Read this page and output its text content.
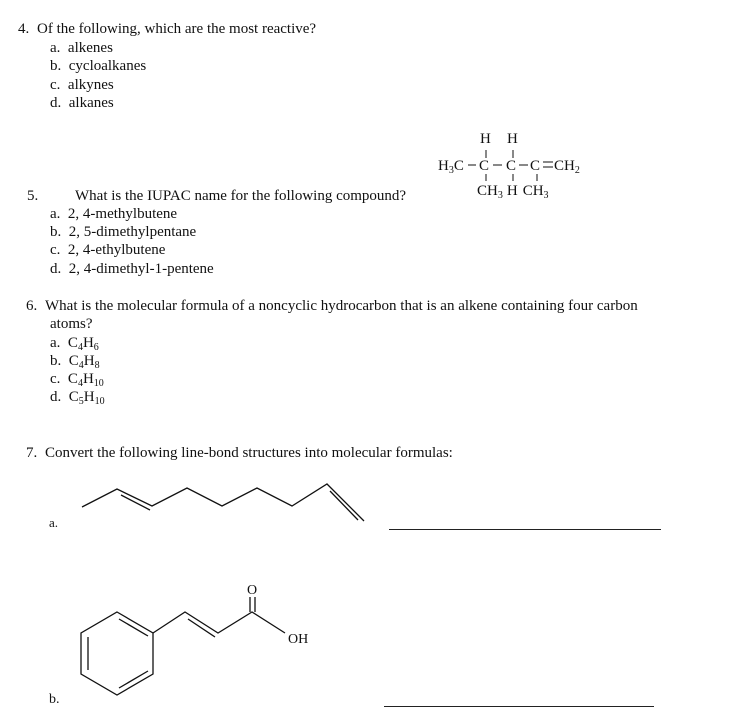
4. Of the following, which are the most reactive?
a. alkenes
b. cycloalkanes
c. alkynes
d. alkanes
H H
$H_3C$ C C C $CH_2$
$CH_3$ H $CH_3$
5. What is the IUPAC name for the following compound?
a. 2, 4-methylbutene
b. 2, 5-dimethylpentane
c. 2, 4-ethylbutene
d. 2, 4-dimethyl-1-pentene
6. What is the molecular formula of a noncyclic hydrocarbon that is an alkene containing four carbon
atoms?
a. $C_4H_6$
b. $C_4H_8$
c. $C_4H_{10}$
d. $C_5H_{10}$
7. Convert the following line-bond structures into molecular formulas:
a.
O
OH
b.
